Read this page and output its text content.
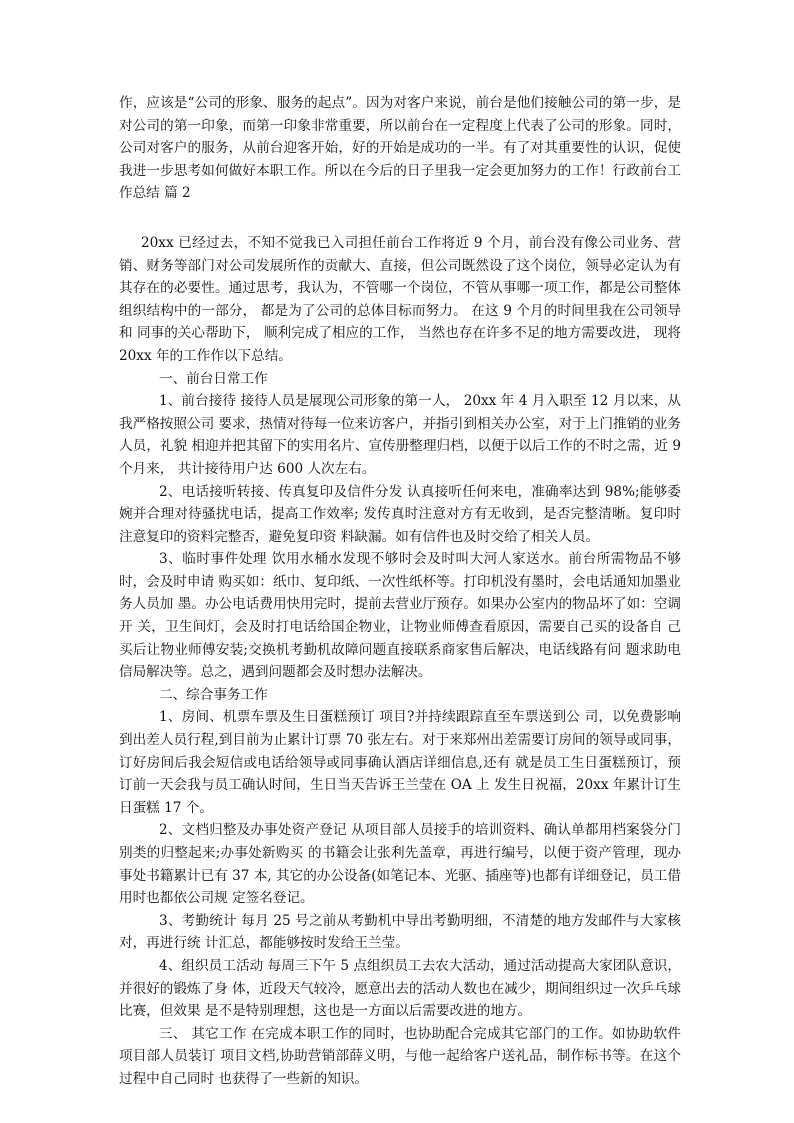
作，应该是“公司的形象、服务的起点”。因为对客户来说，前台是他们接触公司的第一步，是对公司的第一印象，而第一印象非常重要，所以前台在一定程度上代表了公司的形象。同时，公司对客户的服务，从前台迎客开始，好的开始是成功的一半。有了对其重要性的认识，促使我进一步思考如何做好本职工作。所以在今后的日子里我一定会更加努力的工作！行政前台工作总结 篇 2

20xx 已经过去，不知不觉我已入司担任前台工作将近 9 个月，前台没有像公司业务、营 销、财务等部门对公司发展所作的贡献大、直接，但公司既然设了这个岗位，领导必定认为有 其存在的必要性。通过思考，我认为，不管哪一个岗位，不管从事哪一项工作，都是公司整体 组织结构中的一部分， 都是为了公司的总体目标而努力。 在这 9 个月的时间里我在公司领导和 同事的关心帮助下， 顺利完成了相应的工作， 当然也存在许多不足的地方需要改进， 现将 20xx 年的工作作以下总结。

一、前台日常工作

1、前台接待 接待人员是展现公司形象的第一人， 20xx 年 4 月入职至 12 月以来，从 我严格按照公司 要求，热情对待每一位来访客户，并指引到相关办公室，对于上门推销的业务人员，礼貌 相迎并把其留下的实用名片、宣传册整理归档，以便于以后工作的不时之需，近 9 个月来， 共计接待用户达 600 人次左右。

2、电话接听转接、传真复印及信件分发 认真接听任何来电，准确率达到 98%;能够委婉并合理对待骚扰电话，提高工作效率; 发传真时注意对方有无收到，是否完整清晰。复印时注意复印的资料完整否，避免复印资 料缺漏。如有信件也及时交给了相关人员。

3、临时事件处理 饮用水桶水发现不够时会及时叫大河人家送水。前台所需物品不够时，会及时申请 购买如：纸巾、复印纸、一次性纸杯等。打印机没有墨时，会电话通知加墨业务人员加 墨。办公电话费用快用完时，提前去营业厅预存。如果办公室内的物品坏了如：空调开 关，卫生间灯，会及时打电话给国企物业，让物业师傅查看原因，需要自己买的设备自 己买后让物业师傅安装;交换机考勤机故障问题直接联系商家售后解决，电话线路有问 题求助电信局解决等。总之，遇到问题都会及时想办法解决。

二、综合事务工作

1、房间、机票车票及生日蛋糕预订 项目?并持续跟踪直至车票送到公 司，以免费影响到出差人员行程,到目前为止累计订票 70 张左右。对于来郑州出差需要订房间的领导或同事，订好房间后我会短信或电话给领导或同事确认酒店详细信息,还有 就是员工生日蛋糕预订，预订前一天会我与员工确认时间，生日当天告诉王兰莹在 OA 上 发生日祝福，20xx 年累计订生日蛋糕 17 个。

2、文档归整及办事处资产登记 从项目部人员接手的培训资料、确认单都用档案袋分门别类的归整起来;办事处新购买 的书籍会让张利先盖章，再进行编号，以便于资产管理，现办事处书籍累计已有 37 本, 其它的办公设备(如笔记本、光驱、插座等)也都有详细登记，员工借用时也都依公司规 定签名登记。

3、考勤统计 每月 25 号之前从考勤机中导出考勤明细，不清楚的地方发邮件与大家核对，再进行统 计汇总，都能够按时发给王兰莹。

4、组织员工活动 每周三下午 5 点组织员工去农大活动，通过活动提高大家团队意识，并很好的锻炼了身 体，近段天气较冷，愿意出去的活动人数也在减少，期间组织过一次乒乓球比赛，但效果 是不是特别理想，这也是一方面以后需要改进的地方。

三、 其它工作 在完成本职工作的同时，也协助配合完成其它部门的工作。如协助软件项目部人员装订 项目文档,协助营销部薛义明，与他一起给客户送礼品，制作标书等。在这个过程中自己同时 也获得了一些新的知识。
